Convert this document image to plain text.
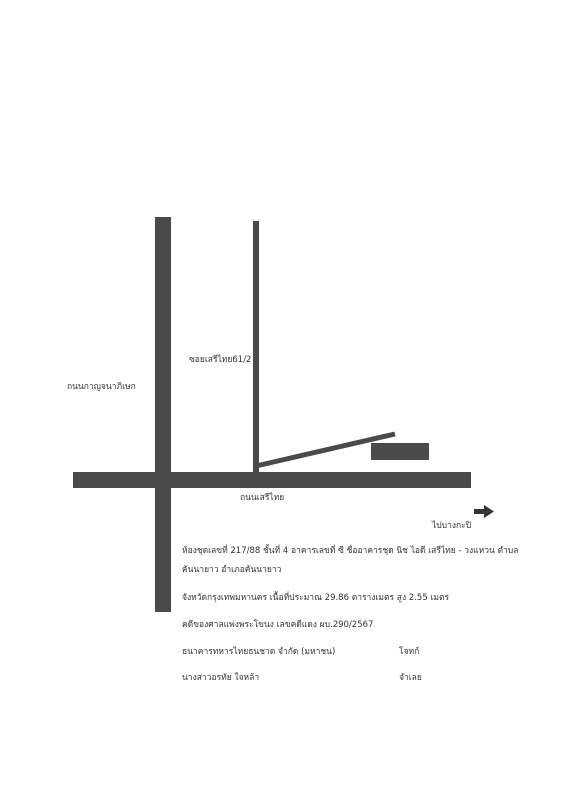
ถนนกาญจนาภิเษก
ซอยเสรีไทย61/2
ถนนเสรีไทย
ไปบางกะปิ
ห้องชุดเลขที่ 217/88 ชั้นที่ 4 อาคารเลขที่ ซี ชื่ออาคารชุด นิช ไอดี เสรีไทย - วงแหวน ตำบล
คันนายาว อำเภอคันนายาว
จังหวัดกรุงเทพมหานคร เนื้อที่ประมาณ 29.86 ตารางเมตร สูง 2.55 เมตร
คดีของศาลแพ่งพระโขนง เลขคดีแดง ผบ.290/2567
ธนาคารทหารไทยธนชาต จำกัด (มหาชน)	โจทก์
นางสาวอรทัย ใจหล้า	จำเลย
